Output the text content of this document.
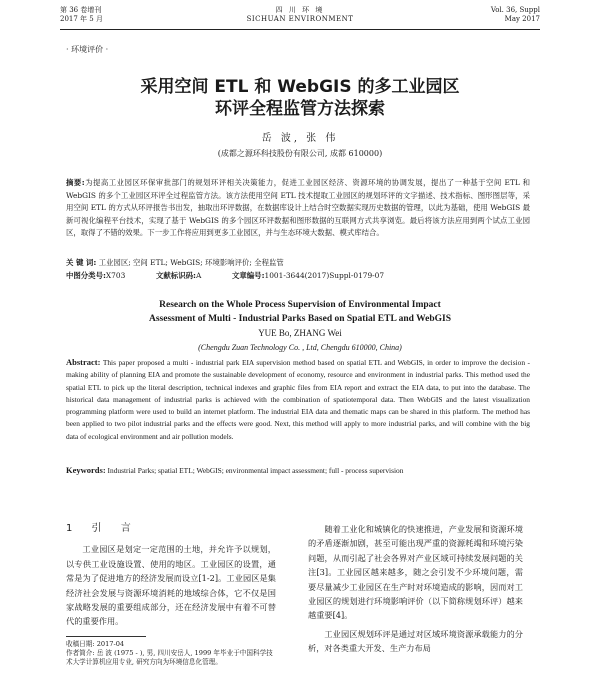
第 36 卷增刊
2017 年 5 月
四 川 环 境
SICHUAN ENVIRONMENT
Vol. 36, Suppl
May 2017
· 环境评价 ·
采用空间 ETL 和 WebGIS 的多工业园区
环评全程监管方法探索
岳 波, 张 伟
(成都之源环科技股份有限公司, 成都 610000)
摘要:为提高工业园区环保审批部门的规划环评相关决策能力，促进工业园区经济、资源环境的协调发展，提出了一种基于空间 ETL 和 WebGIS 的多个工业园区环评全过程监管方法。该方法使用空间 ETL 技术提取工业园区的规划环评的文字描述、技术指标、图形图层等，采用空间 ETL 的方式从环评报告书出发，抽取出环评数据，在数据库设计上结合时空数据实现历史数据的管理，以此为基础，使用 WebGIS 最新可视化编程平台技术，实现了基于 WebGIS 的多个园区环评数据和图形数据的互联网方式共享浏览。最后将该方法应用到两个试点工业园区，取得了不错的效果。下一步工作将应用到更多工业园区，并与生态环境大数据、模式库结合。
关 键 词: 工业园区; 空间 ETL; WebGIS; 环境影响评价; 全程监管
中图分类号:X703	文献标识码:A	文章编号:1001-3644(2017)Suppl-0179-07
Research on the Whole Process Supervision of Environmental Impact
Assessment of Multi - Industrial Parks Based on Spatial ETL and WebGIS
YUE Bo, ZHANG Wei
(Chengdu Zuan Technology Co. , Ltd, Chengdu 610000, China)
Abstract: This paper proposed a multi - industrial park EIA supervision method based on spatial ETL and WebGIS, in order to improve the decision - making ability of planning EIA and promote the sustainable development of economy, resource and environment in industrial parks. This method used the spatial ETL to pick up the literal description, technical indexes and graphic files from EIA report and extract the EIA data, to put into the database. The historical data management of industrial parks is achieved with the combination of spatiotemporal data. Then WebGIS and the latest visualization programming platform were used to build an internet platform. The industrial EIA data and thematic maps can be shared in this platform. The method has been applied to two pilot industrial parks and the effects were good. Next, this method will apply to more industrial parks, and will combine with the big data of ecological environment and air pollution models.
Keywords: Industrial Parks; spatial ETL; WebGIS; environmental impact assessment; full - process supervision
1 引 言

工业园区是划定一定范围的土地，并允许予以规划，以专供工业设施设置、使用的地区。工业园区的设置，通常是为了促进地方的经济发展而设立[1-2]。工业园区是集经济社会发展与资源环境消耗的地域综合体，它不仅是国家战略发展的重要组成部分，还在经济发展中有着不可替代的重要作用。

随着工业化和城镇化的快速推进，产业发展和资源环境的矛盾逐渐加剧，甚至可能出现严重的资源耗竭和环境污染问题，从而引起了社会各界对产业区域可持续发展问题的关注[3]。工业园区越来越多，随之会引发不少环境问题，需要尽量减少工业园区在生产时对环境造成的影响，因而对工业园区的规划进行环境影响评价（以下简称规划环评）越来越重要[4]。

工业园区规划环评是通过对区域环境资源承载能力的分析，对各类重大开发、生产力布局

收稿日期: 2017-04
作者简介: 岳 波 (1975 - ), 男, 四川安岳人, 1999 年毕业于中国科学技术大学计算机应用专业, 研究方向为环境信息化管理。
